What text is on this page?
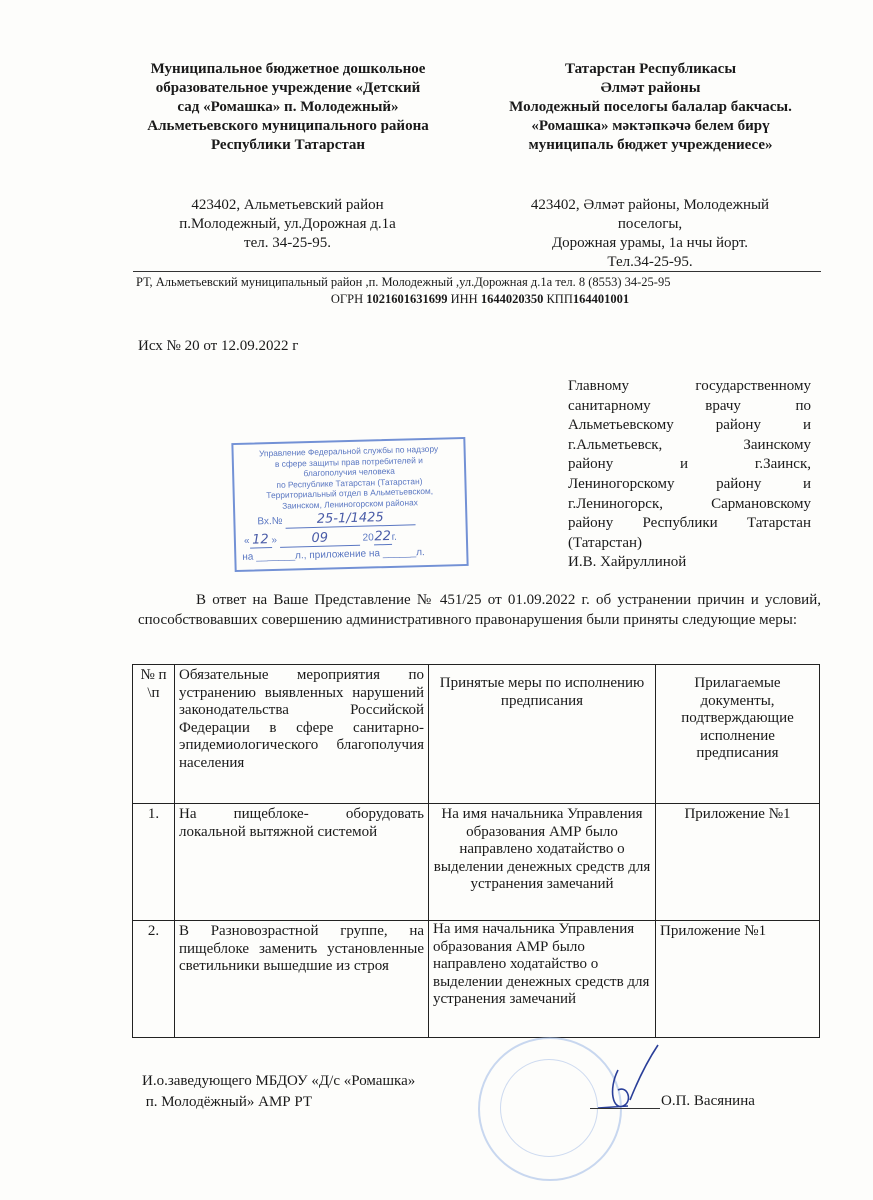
Муниципальное бюджетное дошкольное
образовательное учреждение «Детский
сад «Ромашка» п. Молодежный»
Альметьевского муниципального района
Республики Татарстан
423402, Альметьевский район
п.Молодежный, ул.Дорожная д.1а
тел. 34-25-95.
Татарстан Республикасы
Әлмәт районы
Молодежный поселогы балалар бакчасы.
«Ромашка» мәктәпкәчә белем бирү
муниципаль бюджет учреждениесе»
423402, Әлмәт районы, Молодежный
поселогы,
Дорожная урамы, 1а нчы йорт.
Тел.34-25-95.
РТ, Альметьевский муниципальный район ,п. Молодежный ,ул.Дорожная д.1а тел. 8 (8553) 34-25-95
ОГРН 1021601631699 ИНН 1644020350 КПП164401001
Исх № 20 от 12.09.2022 г
Главному государственному
санитарному врачу по
Альметьевскому району и
г.Альметьевск, Заинскому
району и г.Заинск,
Лениногорскому району и
г.Лениногорск, Сармановскому
району Республики Татарстан
(Татарстан)
И.В. Хайруллиной
Управление Федеральной службы по надзору
в сфере защиты прав потребителей и
благополучия человека
по Республике Татарстан (Татарстан)
Территориальный отдел в Альметьевском,
Заинском, Лениногорском районах
Вх.№	25-1/1425
« 12 » 09	2022г.
на _______л., приложение на ______л.

В ответ на Ваше Представление № 451/25 от 01.09.2022 г. об устранении причин и условий, способствовавших совершению административного правонарушения были приняты следующие меры:

№ п\п	Обязательные мероприятия по устранению выявленных нарушений законодательства Российской Федерации в сфере санитарно-эпидемиологического благополучия населения	Принятые меры по исполнению предписания	Прилагаемые документы, подтверждающие исполнение предписания
1.	На пищеблоке- оборудовать локальной вытяжной системой	На имя начальника Управления образования АМР было направлено ходатайство о выделении денежных средств для устранения замечаний	Приложение №1
2.	В Разновозрастной группе, на пищеблоке заменить установленные светильники вышедшие из строя	На имя начальника Управления образования АМР было направлено ходатайство о выделении денежных средств для устранения замечаний	Приложение №1
И.о.заведующего МБДОУ «Д/с «Ромашка»
п. Молодёжный» АМР РТ	О.П. Васянина
